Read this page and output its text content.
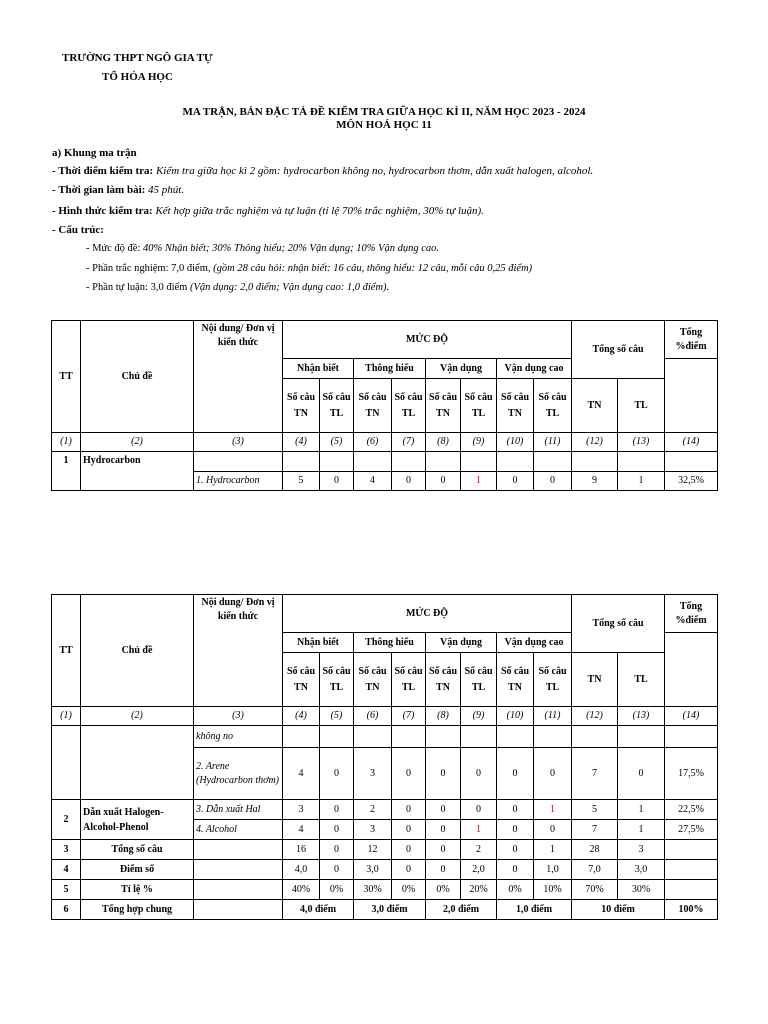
TRƯỜNG THPT NGÔ GIA TỰ
TỔ HÓA HỌC
MA TRẬN, BẢN ĐẶC TẢ ĐỀ KIỂM TRA GIỮA HỌC KÌ II, NĂM HỌC 2023 - 2024
MÔN HOÁ HỌC 11
a) Khung ma trận
- Thời điểm kiểm tra: Kiểm tra giữa học kì 2 gồm: hydrocarbon không no, hydrocarbon thơm, dẫn xuất halogen, alcohol.
- Thời gian làm bài: 45 phút.
- Hình thức kiểm tra: Kết hợp giữa trắc nghiệm và tự luận (tỉ lệ 70% trắc nghiệm, 30% tự luận).
- Cấu trúc:
- Mức độ đề: 40% Nhận biết; 30% Thông hiểu; 20% Vận dụng; 10% Vận dụng cao.
- Phần trắc nghiệm: 7,0 điểm, (gồm 28 câu hỏi: nhận biết: 16 câu, thông hiểu: 12 câu, mỗi câu 0,25 điểm)
- Phần tự luận: 3,0 điểm (Vận dụng: 2,0 điểm; Vận dụng cao: 1,0 điểm).
TT	Chủ đề	Nội dung/ Đơn vị kiến thức	MỨC ĐỘ								Tổng số câu		Tổng %điểm
			Nhận biết		Thông hiểu		Vận dụng		Vận dụng cao				
			Số câu TN	Số câu TL	Số câu TN	Số câu TL	Số câu TN	Số câu TL	Số câu TN	Số câu TL	TN	TL	
(1)	(2)	(3)	(4)	(5)	(6)	(7)	(8)	(9)	(10)	(11)	(12)	(13)	(14)
1	Hydrocarbon												
		1. Hydrocarbon	5	0	4	0	0	1	0	0	9	1	32,5%
TT	Chủ đề	Nội dung/ Đơn vị kiến thức	MỨC ĐỘ								Tổng số câu		Tổng %điểm
			Nhận biết		Thông hiểu		Vận dụng		Vận dụng cao				
			Số câu TN	Số câu TL	Số câu TN	Số câu TL	Số câu TN	Số câu TL	Số câu TN	Số câu TL	TN	TL	
(1)	(2)	(3)	(4)	(5)	(6)	(7)	(8)	(9)	(10)	(11)	(12)	(13)	(14)
		không no											
		2. Arene (Hydrocarbon thơm)	4	0	3	0	0	0	0	0	7	0	17,5%
2	Dẫn xuất Halogen-Alcohol-Phenol	3. Dẫn xuất Hal	3	0	2	0	0	0	0	1	5	1	22,5%
		4. Alcohol	4	0	3	0	0	1	0	0	7	1	27,5%
3	Tổng số câu		16	0	12	0	0	2	0	1	28	3	
4	Điểm số		4,0	0	3,0	0	0	2,0	0	1,0	7,0	3,0	
5	Tỉ lệ %		40%	0%	30%	0%	0%	20%	0%	10%	70%	30%	
6	Tổng hợp chung		4,0 điểm		3,0 điểm		2,0 điểm		1,0 điểm		10 điểm		100%
